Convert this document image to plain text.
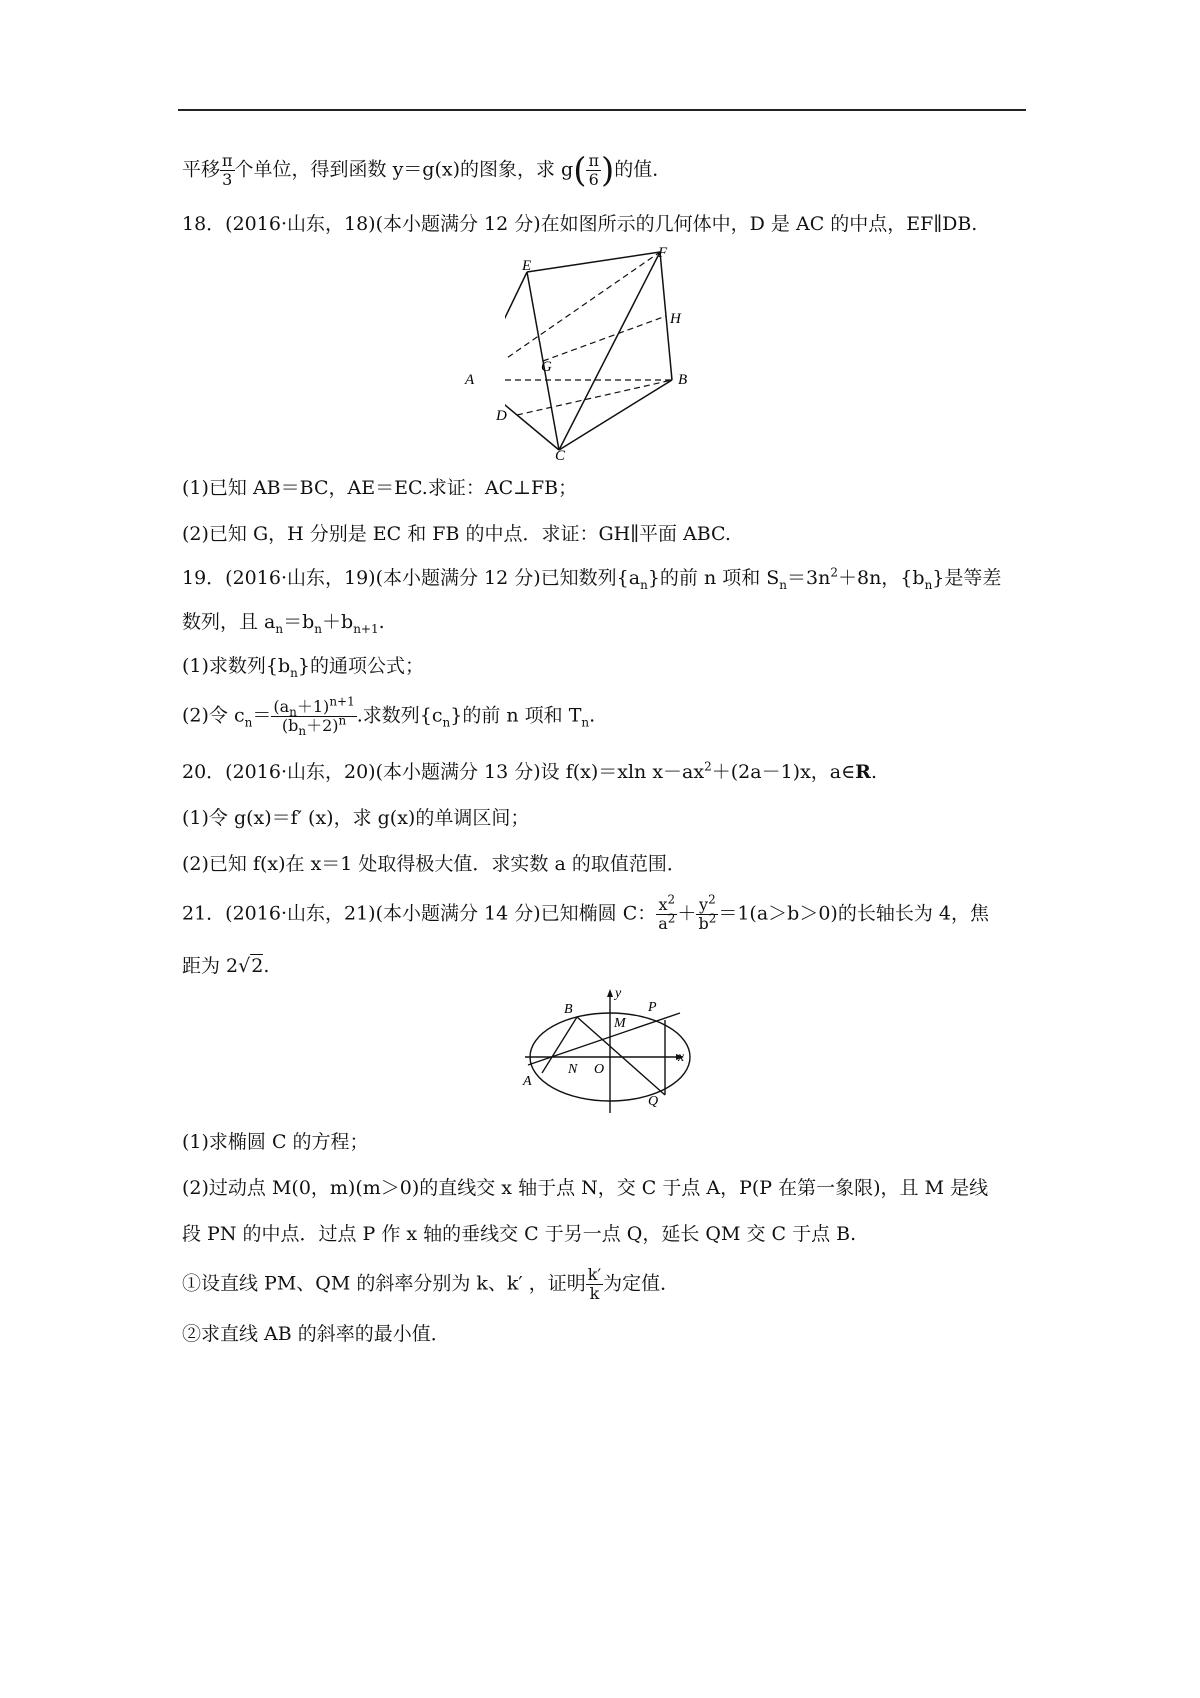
平移 $\frac{\pi}{3}$ 个单位，得到函数 y＝g(x)的图象，求 $g( \frac{\pi}{6}$ )的值．
18．(2016·山东，18)(本小题满分 12 分)在如图所示的几何体中，D 是 AC 的中点，EF∥DB.
E
F
H
A
G
B
D
C
(1)已知 AB＝BC，AE＝EC.求证：AC⊥FB；
(2)已知 G，H 分别是 EC 和 FB 的中点．求证：GH∥平面 ABC.
19．(2016·山东，19)(本小题满分 12 分)已知数列$\{a_n\}$的前 n 项和 $S_n=3n^2+8n$，$\{b_n\}$是等差
数列，且 $a_n=b_n+b_{n+1}$.
(1)求数列$\{b_n\}$的通项公式；
(2)令 $c_n= \frac{(a_n+1)^{n+1}}{(b_n+2)^n}$ .求数列$\{c_n\}$的前 n 项和 $T_n$.
20．(2016·山东，20)(本小题满分 13 分)设 f(x)＝xln $x-ax^2+(2a-1)x$，a∈R.
(1)令 g(x)＝f′ (x)，求 g(x)的单调区间；
(2)已知 f(x)在 x＝1 处取得极大值．求实数 a 的取值范围．
21．(2016·山东，21)(本小题满分 14 分)已知椭圆 C： $\frac{x^2}{a^2} + \frac{y^2}{b^2} =1(a>b>0)$的长轴长为 4，焦
距为 2√2.
B
y
P
M
A
N O
x
Q
(1)求椭圆 C 的方程；
(2)过动点 M(0，m)(m＞0)的直线交 x 轴于点 N，交 C 于点 A，P(P 在第一象限)，且 M 是线
段 PN 的中点．过点 P 作 x 轴的垂线交 C 于另一点 Q，延长 QM 交 C 于点 B.
①设直线 PM、QM 的斜率分别为 k、k′ ，证明 $\frac{k'}{k}$ 为定值．
②求直线 AB 的斜率的最小值．
